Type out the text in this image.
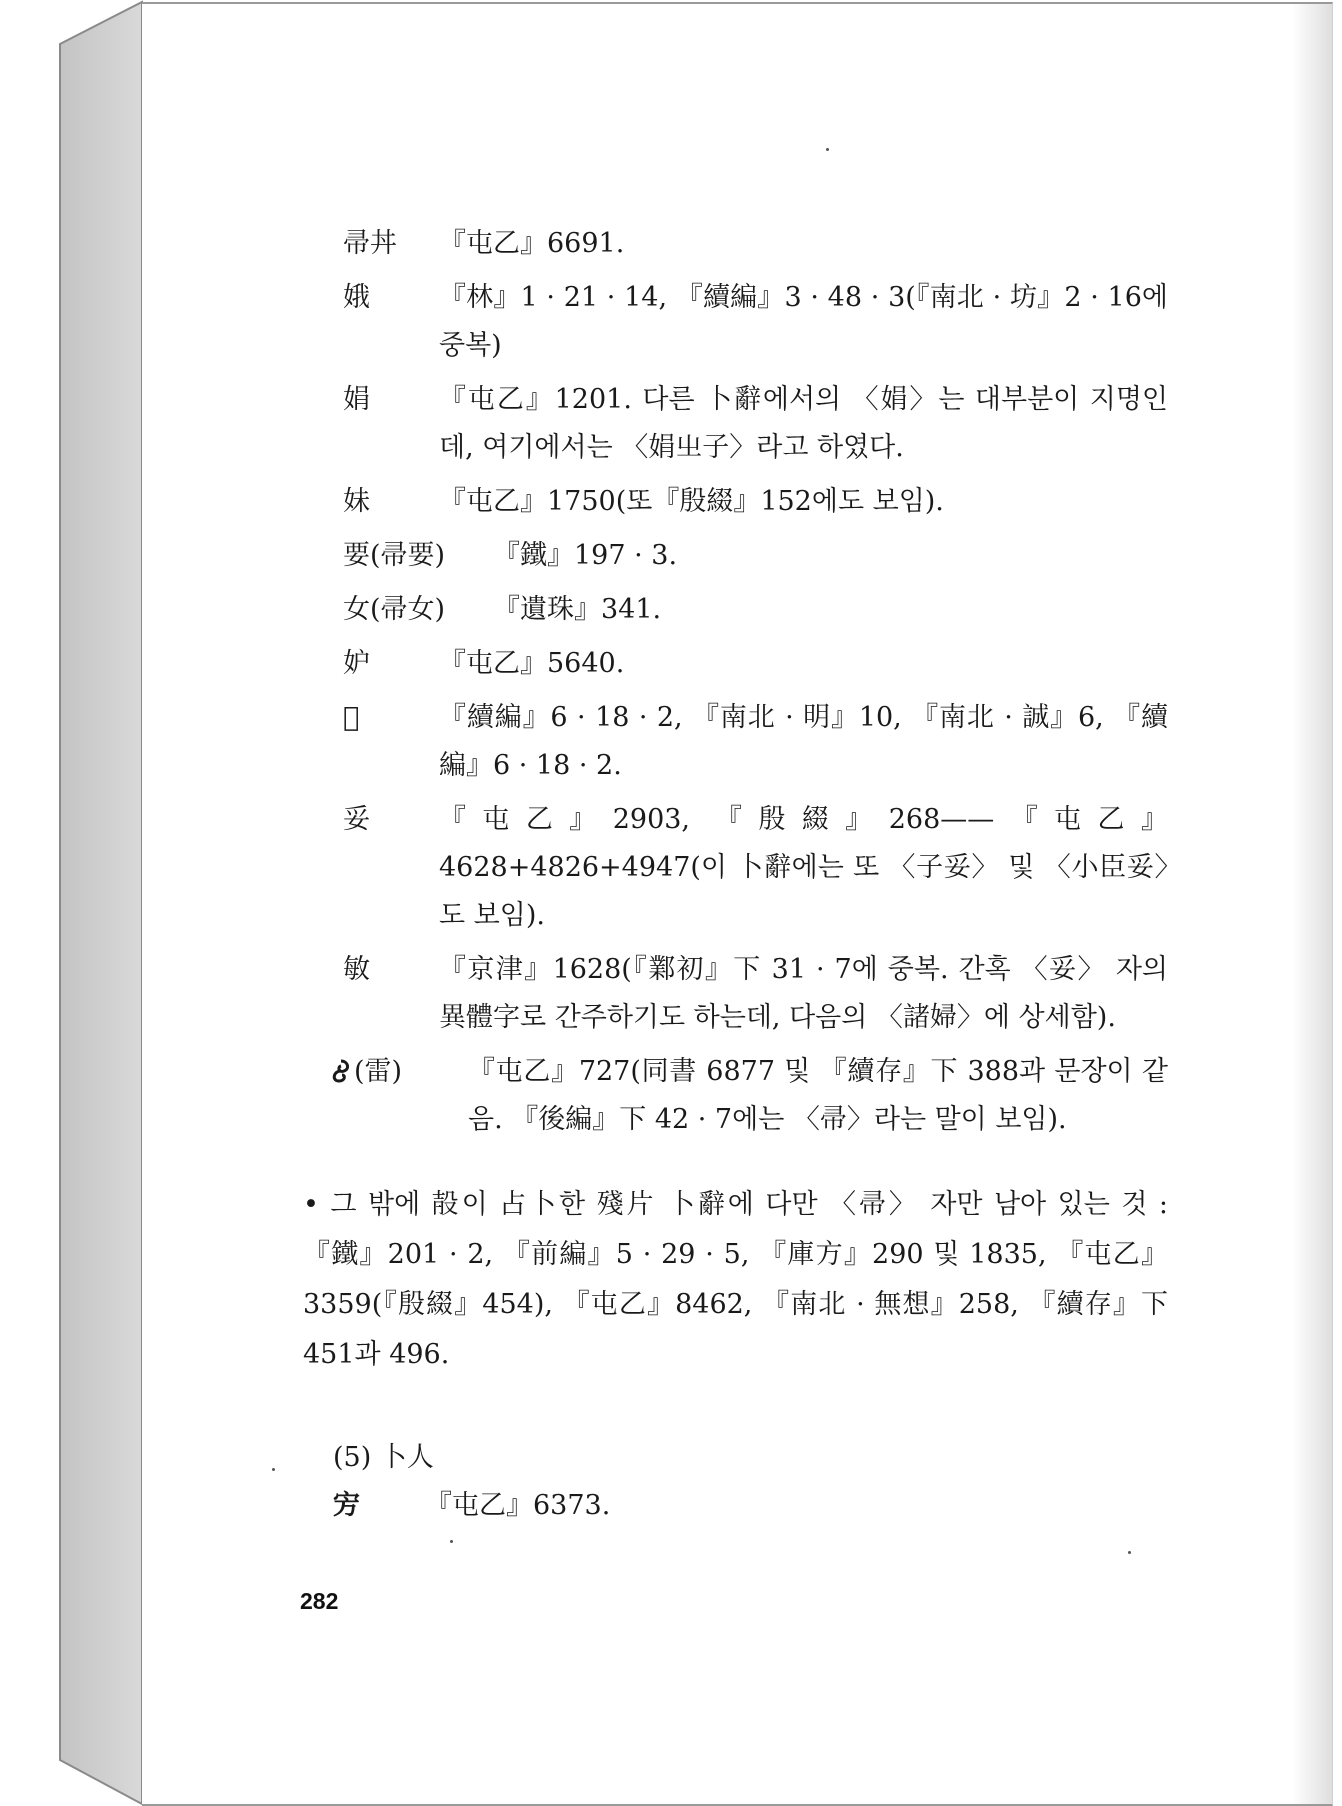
帚丼	『屯乙』6691.
娥	『林』1 · 21 · 14, 『續編』3 · 48 · 3(『南北 · 坊』2 · 16에 중복)
娟	『屯乙』1201. 다른 卜辭에서의 〈娟〉는 대부분이 지명인데, 여기에서는 〈娟㞢子〉라고 하였다.
妹	『屯乙』1750(또『殷綴』152에도 보임).
要(帚要)	『鐵』197 · 3.
女(帚女)	『遺珠』341.
妒	『屯乙』5640.
𡚬	『續編』6 · 18 · 2, 『南北 · 明』10, 『南北 · 誠』6, 『續編』6 · 18 · 2.
妥	『屯乙』2903, 『殷綴』268——『屯乙』4628+4826+4947(이 卜辭에는 또 〈子妥〉 및 〈小臣妥〉도 보임).
敏	『京津』1628(『鄴初』下 31 · 7에 중복. 간혹 〈妥〉 자의 異體字로 간주하기도 하는데, 다음의 〈諸婦〉에 상세함).
(雷)	『屯乙』727(同書 6877 및 『續存』下 388과 문장이 같음. 『後編』下 42 · 7에는 〈帚〉라는 말이 보임).
• 그 밖에 㱿이 占卜한 殘片 卜辭에 다만 〈帚〉 자만 남아 있는 것 : 『鐵』201 · 2, 『前編』5 · 29 · 5, 『庫方』290 및 1835, 『屯乙』3359(『殷綴』454), 『屯乙』8462, 『南北 · 無想』258, 『續存』下 451과 496.
(5) 卜人
㝑	『屯乙』6373.
282
